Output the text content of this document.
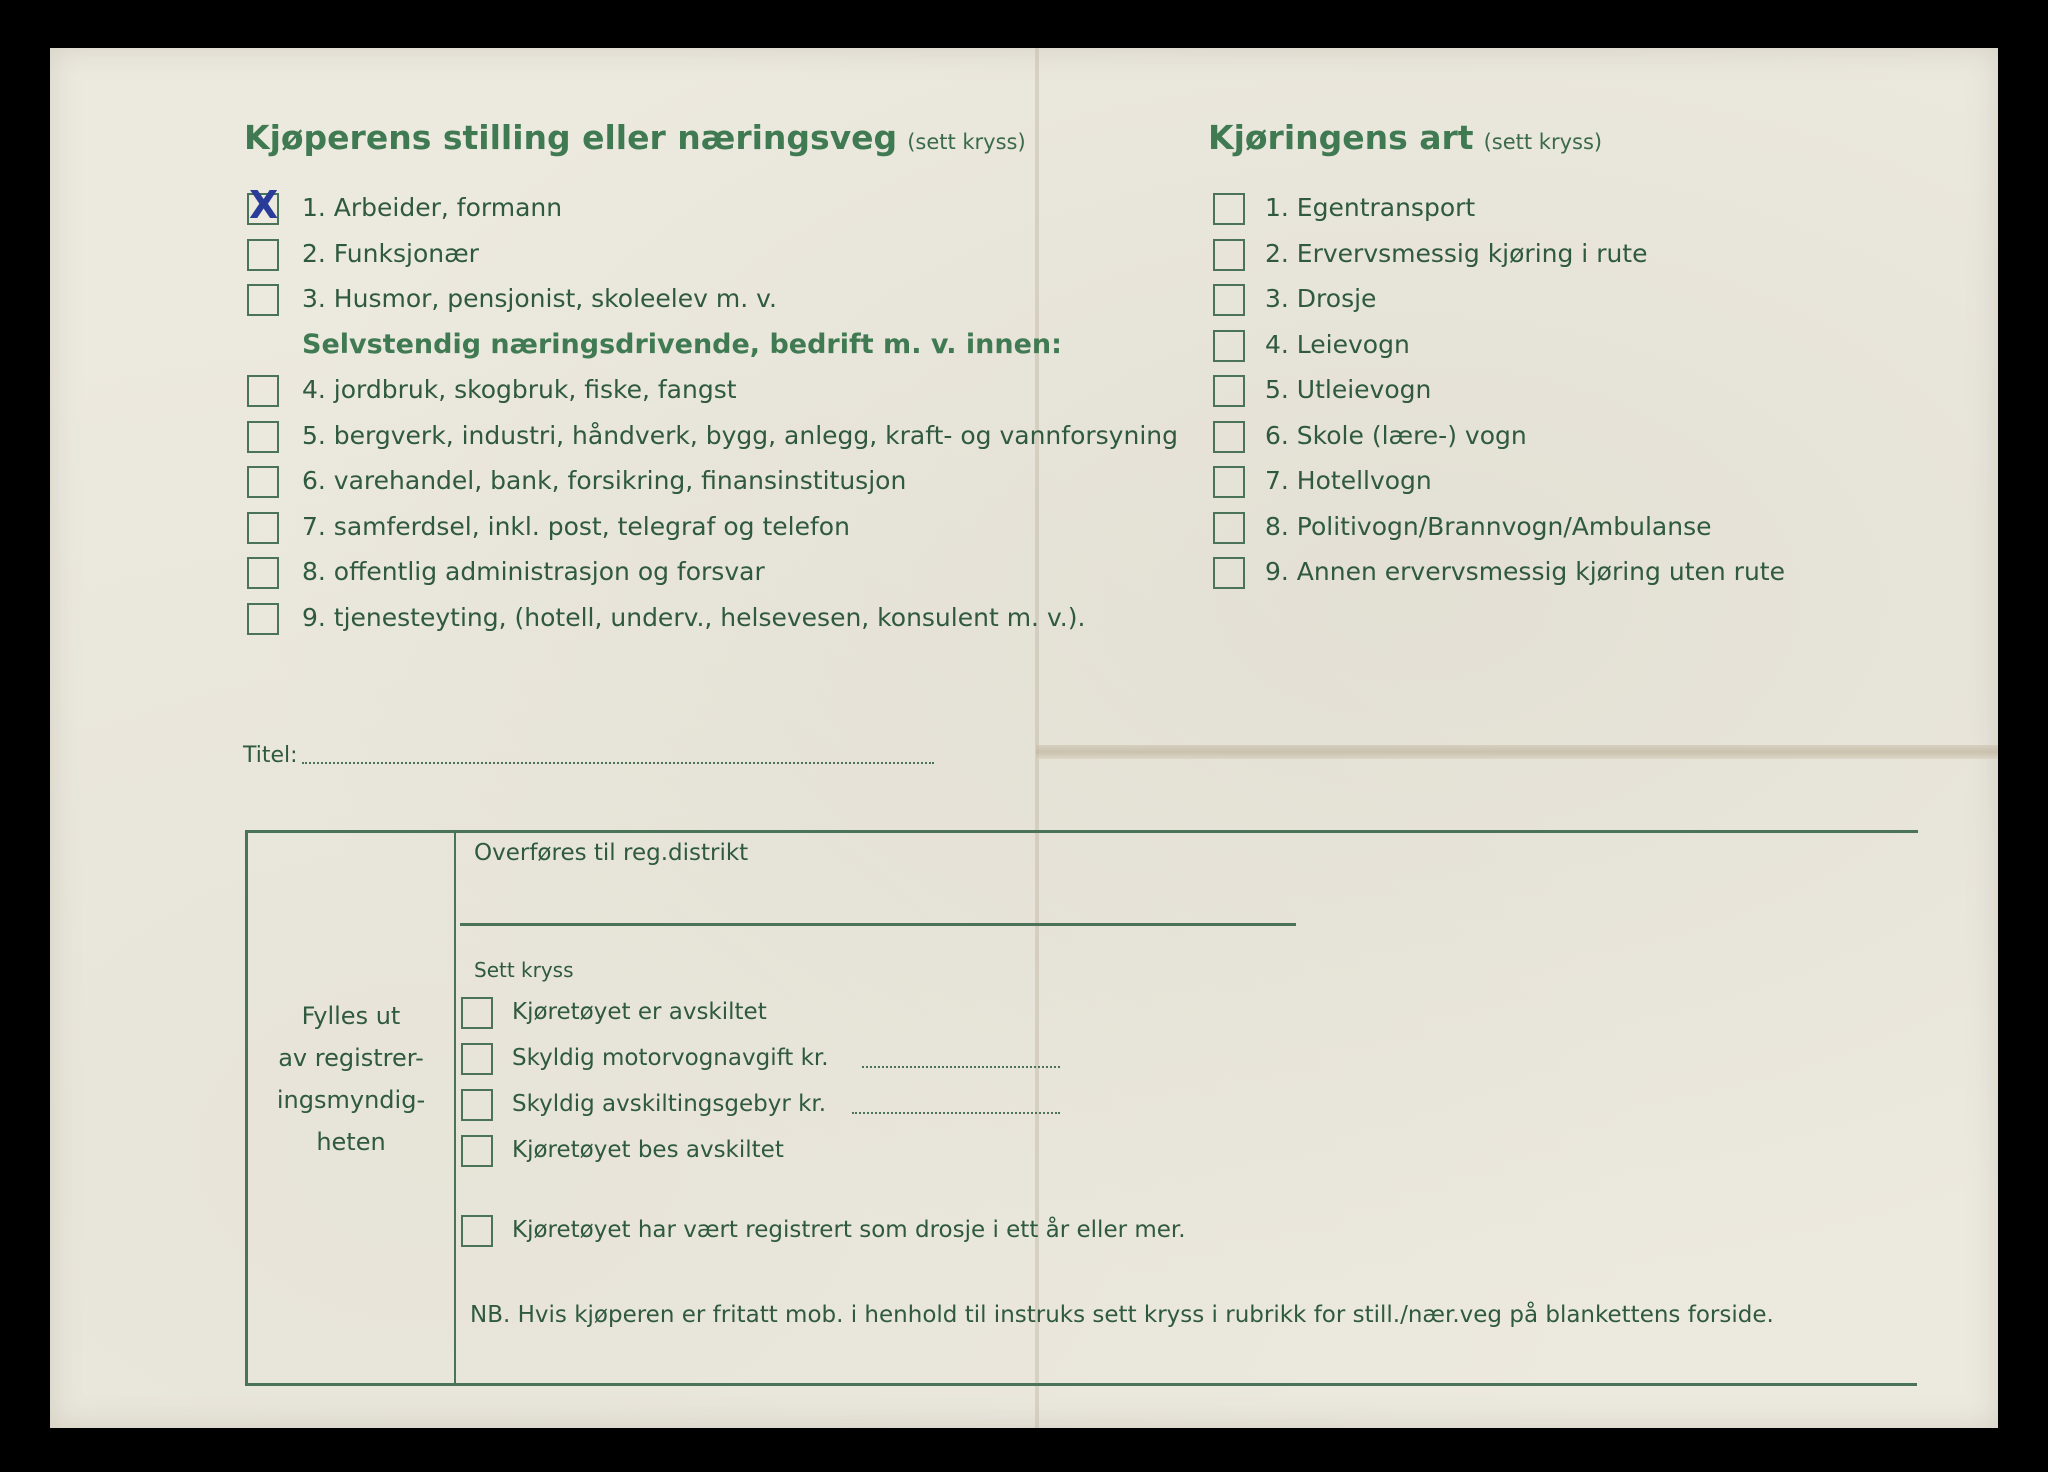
Kjøperens stilling eller næringsveg (sett kryss)
X 1. Arbeider, formann
2. Funksjonær
3. Husmor, pensjonist, skoleelev m. v.
Selvstendig næringsdrivende, bedrift m. v. innen:
4. jordbruk, skogbruk, fiske, fangst
5. bergverk, industri, håndverk, bygg, anlegg, kraft- og vannforsyning
6. varehandel, bank, forsikring, finansinstitusjon
7. samferdsel, inkl. post, telegraf og telefon
8. offentlig administrasjon og forsvar
9. tjenesteyting, (hotell, underv., helsevesen, konsulent m. v.).
Kjøringens art (sett kryss)
1. Egentransport
2. Ervervsmessig kjøring i rute
3. Drosje
4. Leievogn
5. Utleievogn
6. Skole (lære-) vogn
7. Hotellvogn
8. Politivogn/Brannvogn/Ambulanse
9. Annen ervervsmessig kjøring uten rute
Titel:
Fylles ut
av registrer-
ingsmyndig-
heten
Overføres til reg.distrikt
Sett kryss
Kjøretøyet er avskiltet
Skyldig motorvognavgift kr.
Skyldig avskiltingsgebyr kr.
Kjøretøyet bes avskiltet
Kjøretøyet har vært registrert som drosje i ett år eller mer.
NB. Hvis kjøperen er fritatt mob. i henhold til instruks sett kryss i rubrikk for still./nær.veg på blankettens forside.
